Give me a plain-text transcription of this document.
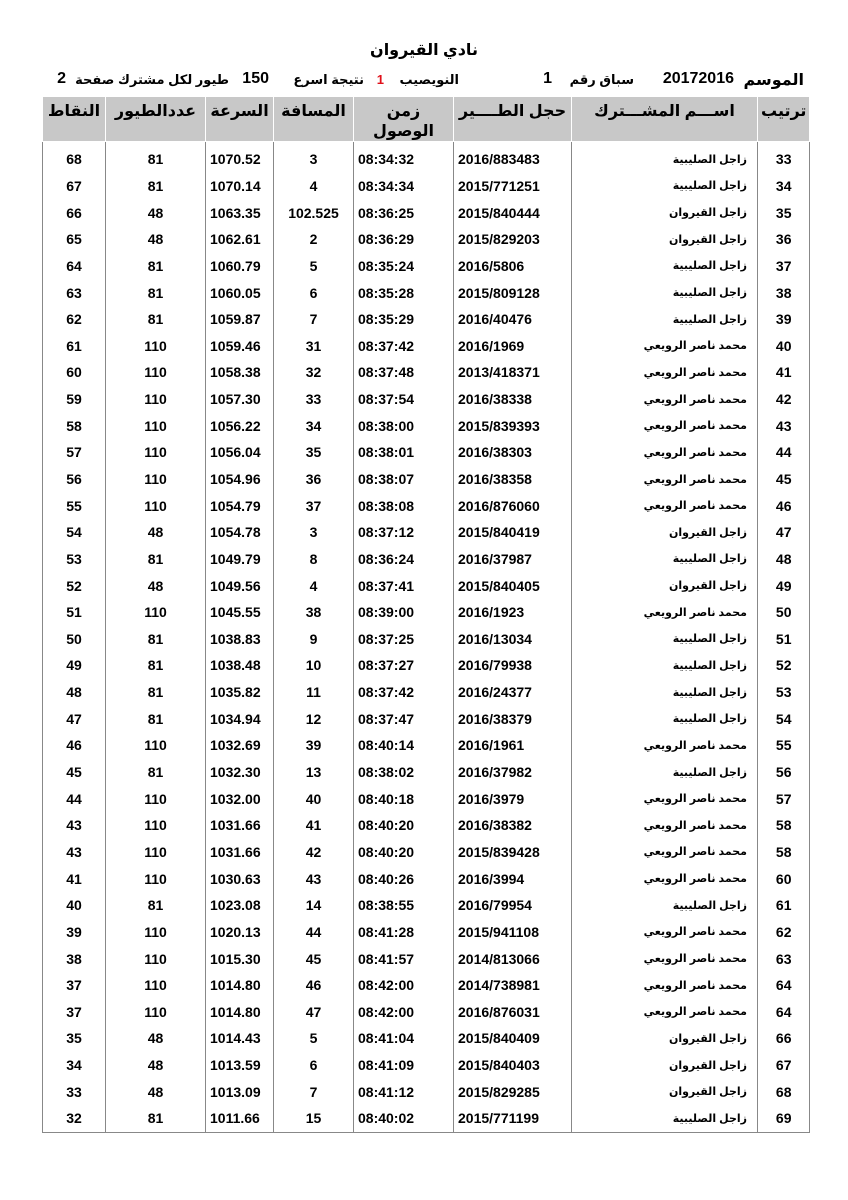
نادي القيروان
الموسم
20172016
سباق رقم
1
النويصيب
1
نتيجة اسرع
150
طيور لكل مشترك صفحة
2
ترتيب	اســـم المشـــترك	حجل الطــــير	زمن الوصول	المسافة	السرعة	عددالطيور	النقاط
33	زاجل الصليبية	2016/883483	08:34:32	3	1070.52	81	68
34	زاجل الصليبية	2015/771251	08:34:34	4	1070.14	81	67
35	زاجل القيروان	2015/840444	08:36:25	102.525	1063.35	48	66
36	زاجل القيروان	2015/829203	08:36:29	2	1062.61	48	65
37	زاجل الصليبية	2016/5806	08:35:24	5	1060.79	81	64
38	زاجل الصليبية	2015/809128	08:35:28	6	1060.05	81	63
39	زاجل الصليبية	2016/40476	08:35:29	7	1059.87	81	62
40	محمد ناصر الرويعي	2016/1969	08:37:42	31	1059.46	110	61
41	محمد ناصر الرويعي	2013/418371	08:37:48	32	1058.38	110	60
42	محمد ناصر الرويعي	2016/38338	08:37:54	33	1057.30	110	59
43	محمد ناصر الرويعي	2015/839393	08:38:00	34	1056.22	110	58
44	محمد ناصر الرويعي	2016/38303	08:38:01	35	1056.04	110	57
45	محمد ناصر الرويعي	2016/38358	08:38:07	36	1054.96	110	56
46	محمد ناصر الرويعي	2016/876060	08:38:08	37	1054.79	110	55
47	زاجل القيروان	2015/840419	08:37:12	3	1054.78	48	54
48	زاجل الصليبية	2016/37987	08:36:24	8	1049.79	81	53
49	زاجل القيروان	2015/840405	08:37:41	4	1049.56	48	52
50	محمد ناصر الرويعي	2016/1923	08:39:00	38	1045.55	110	51
51	زاجل الصليبية	2016/13034	08:37:25	9	1038.83	81	50
52	زاجل الصليبية	2016/79938	08:37:27	10	1038.48	81	49
53	زاجل الصليبية	2016/24377	08:37:42	11	1035.82	81	48
54	زاجل الصليبية	2016/38379	08:37:47	12	1034.94	81	47
55	محمد ناصر الرويعي	2016/1961	08:40:14	39	1032.69	110	46
56	زاجل الصليبية	2016/37982	08:38:02	13	1032.30	81	45
57	محمد ناصر الرويعي	2016/3979	08:40:18	40	1032.00	110	44
58	محمد ناصر الرويعي	2016/38382	08:40:20	41	1031.66	110	43
58	محمد ناصر الرويعي	2015/839428	08:40:20	42	1031.66	110	43
60	محمد ناصر الرويعي	2016/3994	08:40:26	43	1030.63	110	41
61	زاجل الصليبية	2016/79954	08:38:55	14	1023.08	81	40
62	محمد ناصر الرويعي	2015/941108	08:41:28	44	1020.13	110	39
63	محمد ناصر الرويعي	2014/813066	08:41:57	45	1015.30	110	38
64	محمد ناصر الرويعي	2014/738981	08:42:00	46	1014.80	110	37
64	محمد ناصر الرويعي	2016/876031	08:42:00	47	1014.80	110	37
66	زاجل القيروان	2015/840409	08:41:04	5	1014.43	48	35
67	زاجل القيروان	2015/840403	08:41:09	6	1013.59	48	34
68	زاجل القيروان	2015/829285	08:41:12	7	1013.09	48	33
69	زاجل الصليبية	2015/771199	08:40:02	15	1011.66	81	32
